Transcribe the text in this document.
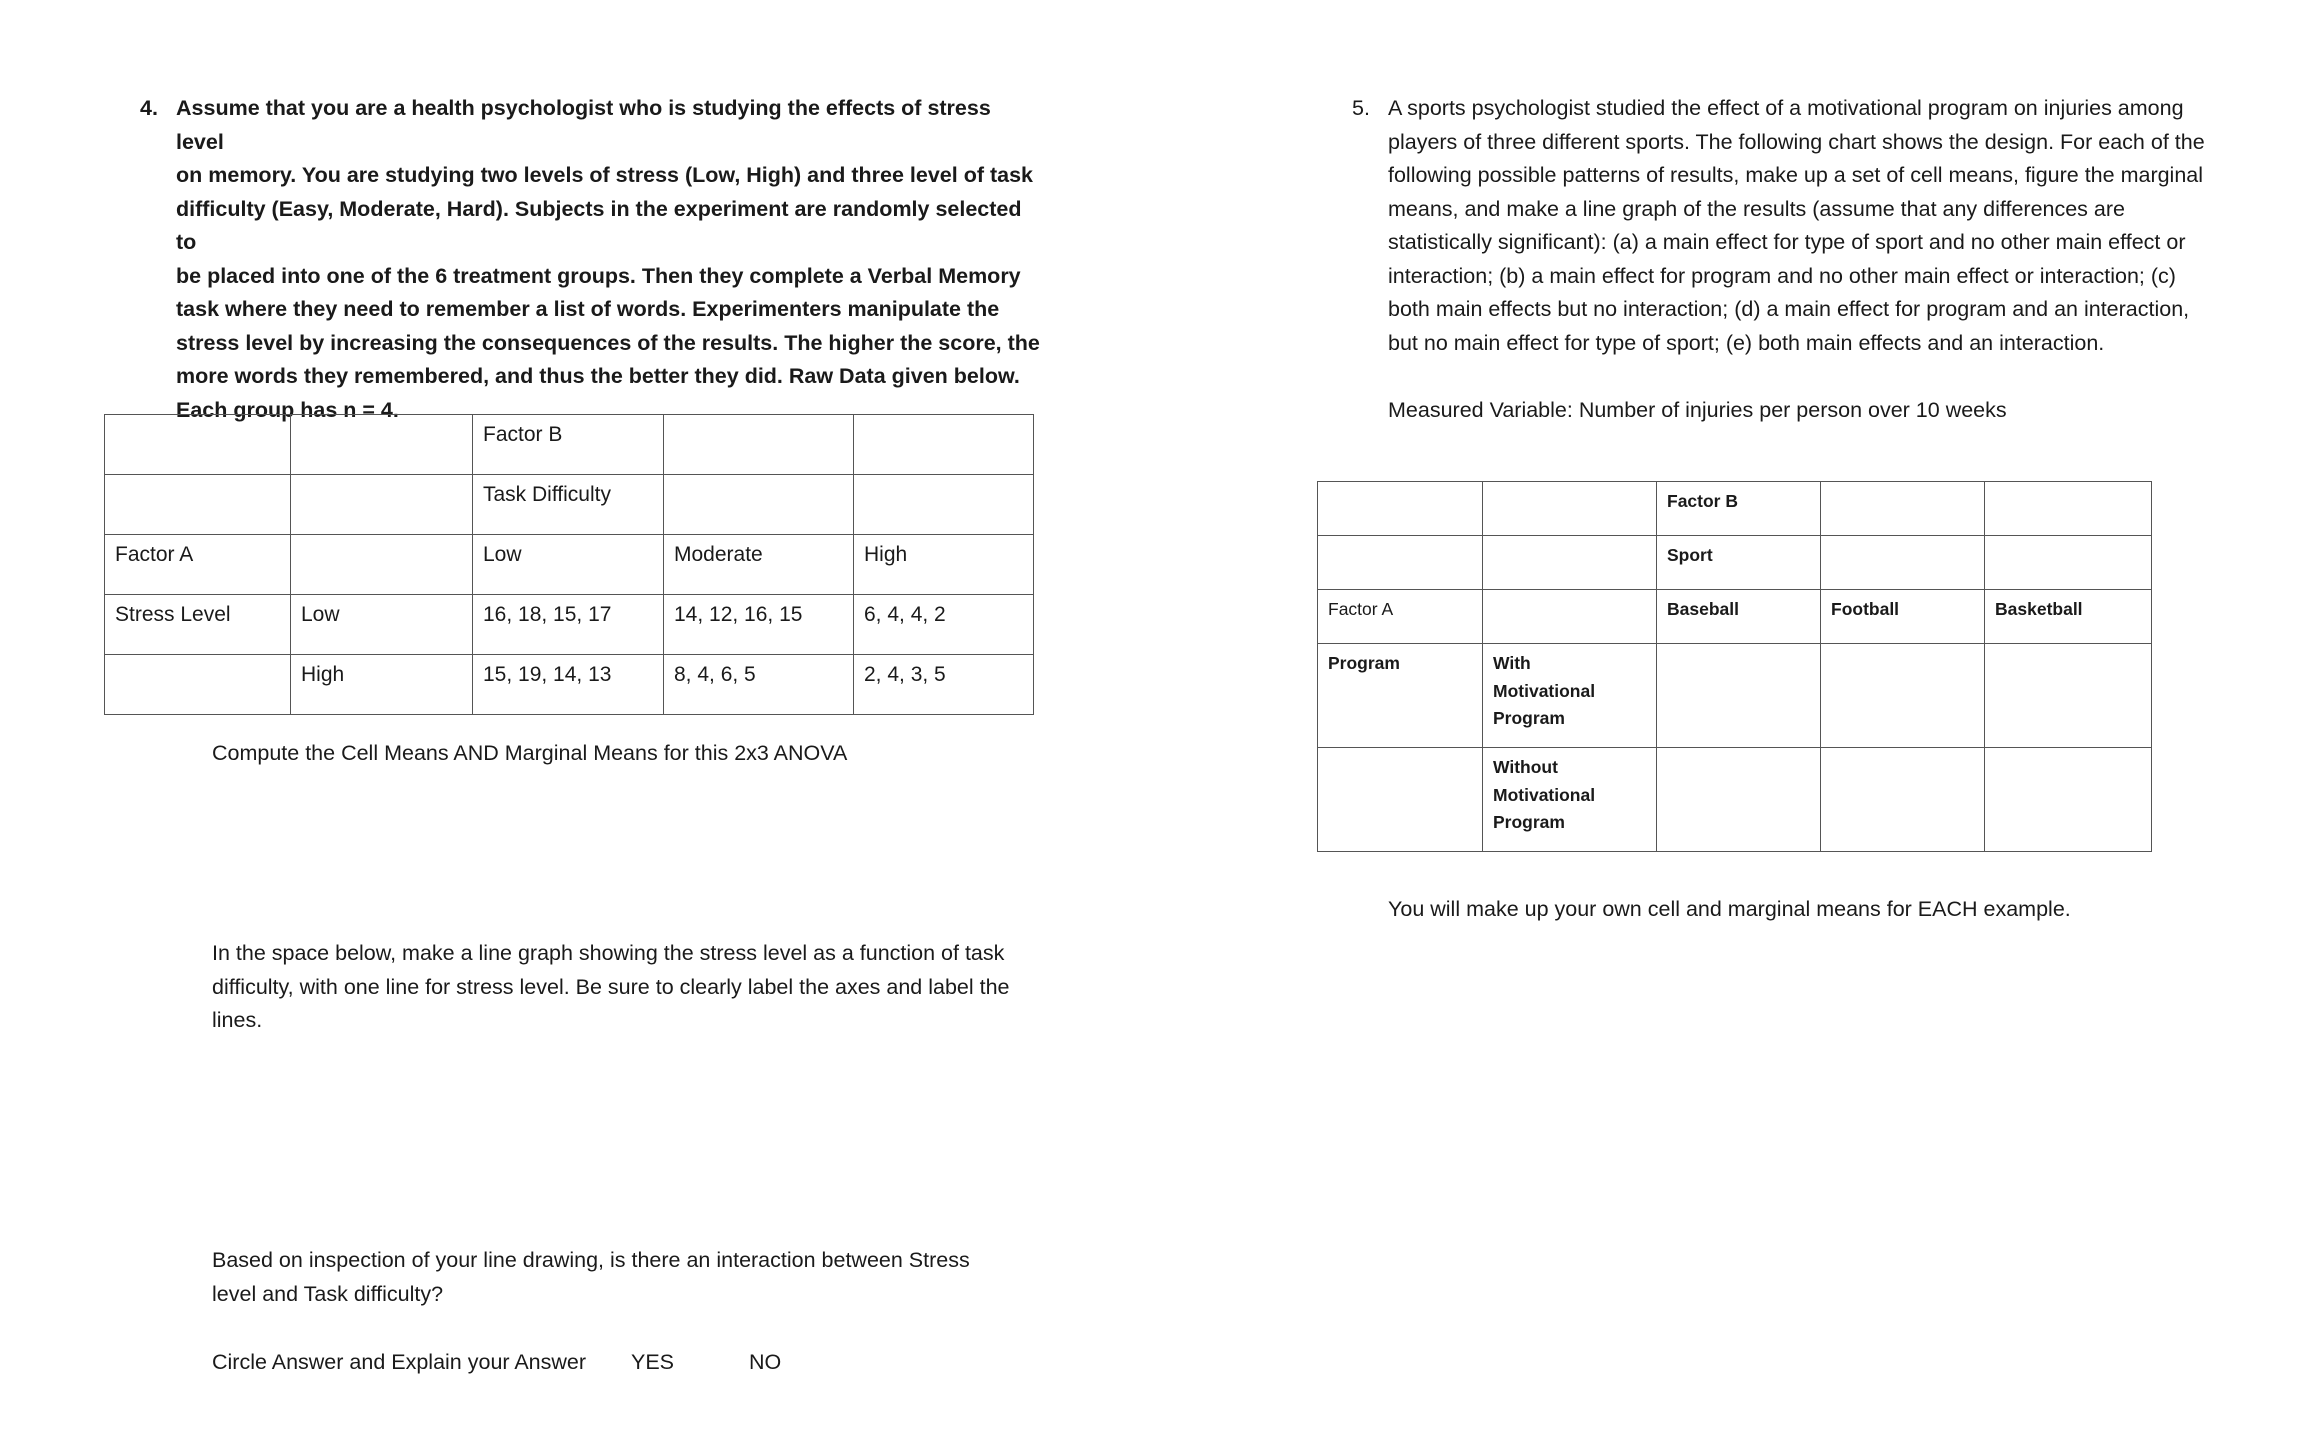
4. Assume that you are a health psychologist who is studying the effects of stress level
on memory. You are studying two levels of stress (Low, High) and three level of task
difficulty (Easy, Moderate, Hard). Subjects in the experiment are randomly selected to
be placed into one of the 6 treatment groups. Then they complete a Verbal Memory
task where they need to remember a list of words. Experimenters manipulate the
stress level by increasing the consequences of the results. The higher the score, the
more words they remembered, and thus the better they did. Raw Data given below.
Each group has n = 4.
		Factor B		
		Task Difficulty		
Factor A		Low	Moderate	High
Stress Level	Low	16, 18, 15, 17	14, 12, 16, 15	6, 4, 4, 2
	High	15, 19, 14, 13	8, 4, 6, 5	2, 4, 3, 5
Compute the Cell Means AND Marginal Means for this 2x3 ANOVA
In the space below, make a line graph showing the stress level as a function of task
difficulty, with one line for stress level. Be sure to clearly label the axes and label the
lines.
Based on inspection of your line drawing, is there an interaction between Stress
level and Task difficulty?
Circle Answer and Explain your Answer YES	NO
5. A sports psychologist studied the effect of a motivational program on injuries among
players of three different sports. The following chart shows the design. For each of the
following possible patterns of results, make up a set of cell means, figure the marginal
means, and make a line graph of the results (assume that any differences are
statistically significant): (a) a main effect for type of sport and no other main effect or
interaction; (b) a main effect for program and no other main effect or interaction; (c)
both main effects but no interaction; (d) a main effect for program and an interaction,
but no main effect for type of sport; (e) both main effects and an interaction.
Measured Variable: Number of injuries per person over 10 weeks
		Factor B		
		Sport		
Factor A		Baseball	Football	Basketball
Program	With
Motivational
Program			

	Without
Motivational
Program			

You will make up your own cell and marginal means for EACH example.
